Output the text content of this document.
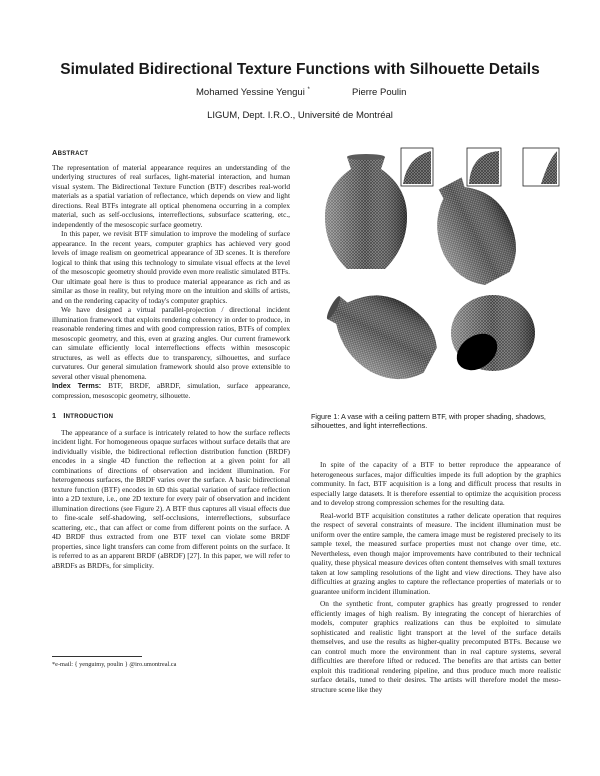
Simulated Bidirectional Texture Functions with Silhouette Details
Mohamed Yessine Yengui *	Pierre Poulin
LIGUM, Dept. I.R.O., Université de Montréal
ABSTRACT

The representation of material appearance requires an understanding of the underlying structures of real surfaces, light-material interaction, and human visual system. The Bidirectional Texture Function (BTF) describes real-world materials as a spatial variation of reflectance, which depends on view and light directions. Real BTFs integrate all optical phenomena occurring in a complex material, such as self-occlusions, interreflections, subsurface scattering, etc., independently of the mesoscopic surface geometry.

In this paper, we revisit BTF simulation to improve the modeling of surface appearance. In the recent years, computer graphics has achieved very good levels of image realism on geometrical appearance of 3D scenes. It is therefore logical to think that using this technology to simulate visual effects at the level of the mesoscopic geometry should provide even more realistic simulated BTFs. Our ultimate goal here is thus to produce material appearance as rich and as similar as those in reality, but relying more on the intuition and skills of artists, and on the rendering capacity of today's computer graphics.

We have designed a virtual parallel-projection / directional incident illumination framework that exploits rendering coherency in order to produce, in reasonable rendering times and with good compression ratios, BTFs of complex mesoscopic geometry, and this, even at grazing angles. Our current framework can simulate efficiently local interreflections effects within mesoscopic structures, as well as effects due to transparency, silhouettes, and surface curvatures. Our general simulation framework should also prove extensible to several other visual phenomena.

Index Terms: BTF, BRDF, aBRDF, simulation, surface appearance, compression, mesoscopic geometry, silhouette.

1 INTRODUCTION

The appearance of a surface is intricately related to how the surface reflects incident light. For homogeneous opaque surfaces without surface details that are individually visible, the bidirectional reflection distribution function (BRDF) encodes in a single 4D function the reflection at a given point for all combinations of directions of observation and incident illumination. For heterogeneous surfaces, the BRDF varies over the surface. A basic bidirectional texture function (BTF) encodes in 6D this spatial variation of surface reflection into a 2D texture, i.e., one 2D texture for every pair of observation and incident illumination directions (see Figure 2). A BTF thus captures all visual effects due to fine-scale self-shadowing, self-occlusions, interreflections, subsurface scattering, etc., that can affect or come from different points on the surface. A 4D BRDF thus extracted from one BTF texel can violate some BRDF properties, since light transfers can come from different points on the surface. It is referred to as an apparent BRDF (aBRDF) [27]. In this paper, we will refer to aBRDFs as BRDFs, for simplicity.

*e-mail: { yenguimy, poulin } @iro.umontreal.ca
Figure 1: A vase with a ceiling pattern BTF, with proper shading, shadows, silhouettes, and light interreflections.

In spite of the capacity of a BTF to better reproduce the appearance of heterogeneous surfaces, major difficulties impede its full adoption by the graphics community. In fact, BTF acquisition is a long and difficult process that results in especially large datasets. It is therefore essential to optimize the acquisition process and to develop strong compression schemes for the resulting data.

Real-world BTF acquisition constitutes a rather delicate operation that requires the respect of several constraints of measure. The incident illumination must be uniform over the entire sample, the camera image must be registered precisely to its sample texel, the measured surface properties must not change over time, etc. Nevertheless, even though major improvements have contributed to their technical quality, these physical measure devices often content themselves with small textures taken at low sampling resolutions of the light and view directions. They have also difficulties at grazing angles to capture the reflectance properties of materials or to guarantee uniform incident illumination.

On the synthetic front, computer graphics has greatly progressed to render efficiently images of high realism. By integrating the concept of hierarchies of models, computer graphics realizations can thus be exploited to simulate sophisticated and realistic light transport at the level of the surface details themselves, and use the results as higher-quality precomputed BTFs. Because we can control much more the environment than in real capture systems, several difficulties are therefore lifted or reduced. The benefits are that artists can better exploit this traditional rendering pipeline, and thus produce much more realistic surface details, tuned to their desires. The artists will therefore model the meso-structure scene like they
